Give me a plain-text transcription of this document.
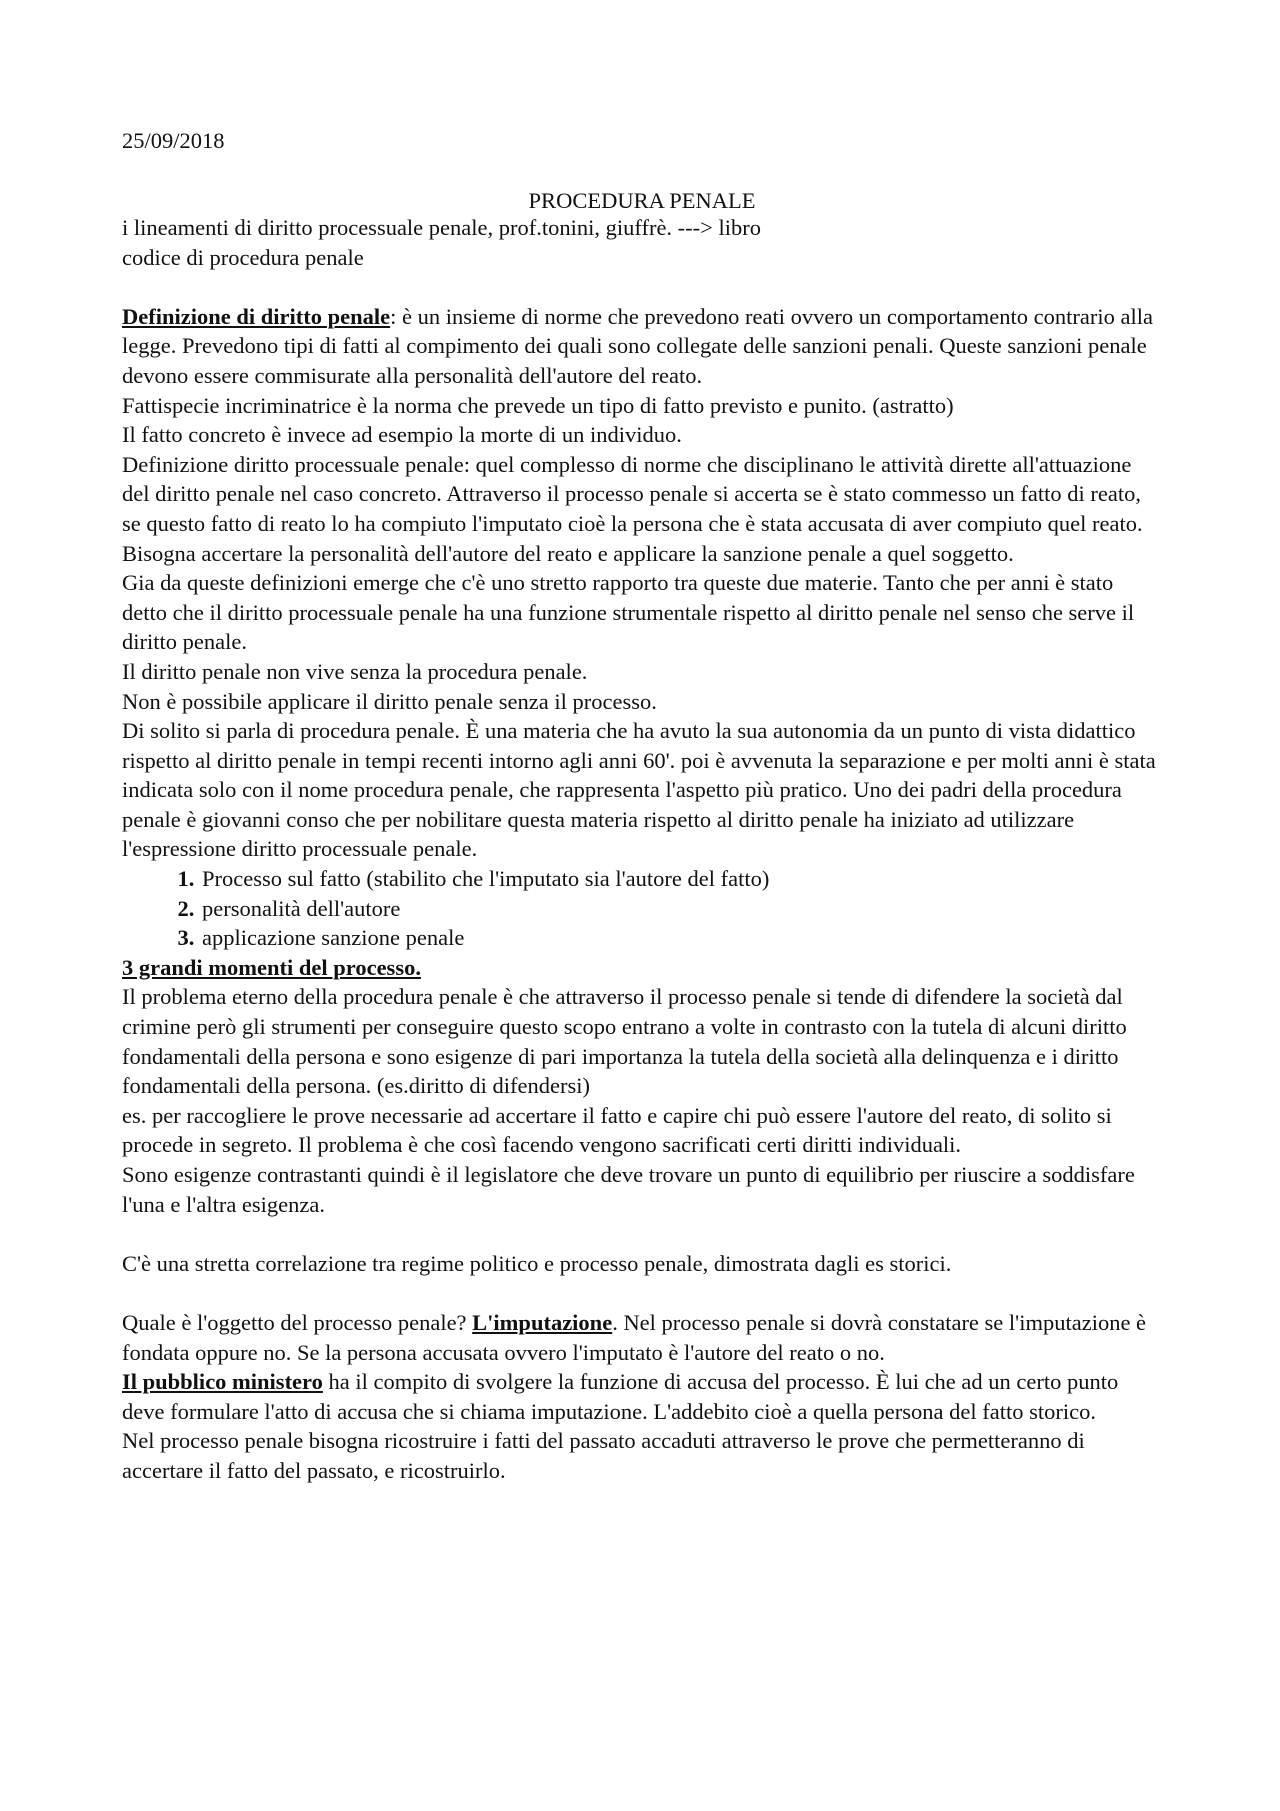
25/09/2018
PROCEDURA PENALE

i lineamenti di diritto processuale penale, prof.tonini, giuffrè. ---> libro

codice di procedura penale

Definizione di diritto penale: è un insieme di norme che prevedono reati ovvero un comportamento contrario alla legge. Prevedono tipi di fatti al compimento dei quali sono collegate delle sanzioni penali. Queste sanzioni penale devono essere commisurate alla personalità dell'autore del reato.

Fattispecie incriminatrice è la norma che prevede un tipo di fatto previsto e punito. (astratto)

Il fatto concreto è invece ad esempio la morte di un individuo.

Definizione diritto processuale penale: quel complesso di norme che disciplinano le attività dirette all'attuazione del diritto penale nel caso concreto. Attraverso il processo penale si accerta se è stato commesso un fatto di reato, se questo fatto di reato lo ha compiuto l'imputato cioè la persona che è stata accusata di aver compiuto quel reato.

Bisogna accertare la personalità dell'autore del reato e applicare la sanzione penale a quel soggetto.

Gia da queste definizioni emerge che c'è uno stretto rapporto tra queste due materie. Tanto che per anni è stato detto che il diritto processuale penale ha una funzione strumentale rispetto al diritto penale nel senso che serve il diritto penale.

Il diritto penale non vive senza la procedura penale.

Non è possibile applicare il diritto penale senza il processo.

Di solito si parla di procedura penale. È una materia che ha avuto la sua autonomia da un punto di vista didattico rispetto al diritto penale in tempi recenti intorno agli anni 60'. poi è avvenuta la separazione e per molti anni è stata indicata solo con il nome procedura penale, che rappresenta l'aspetto più pratico. Uno dei padri della procedura penale è giovanni conso che per nobilitare questa materia rispetto al diritto penale ha iniziato ad utilizzare l'espressione diritto processuale penale.

1. Processo sul fatto (stabilito che l'imputato sia l'autore del fatto)
2. personalità dell'autore
3. applicazione sanzione penale

3 grandi momenti del processo.

Il problema eterno della procedura penale è che attraverso il processo penale si tende di difendere la società dal crimine però gli strumenti per conseguire questo scopo entrano a volte in contrasto con la tutela di alcuni diritto fondamentali della persona e sono esigenze di pari importanza la tutela della società alla delinquenza e i diritto fondamentali della persona. (es.diritto di difendersi)

es. per raccogliere le prove necessarie ad accertare il fatto e capire chi può essere l'autore del reato, di solito si procede in segreto. Il problema è che così facendo vengono sacrificati certi diritti individuali.

Sono esigenze contrastanti quindi è il legislatore che deve trovare un punto di equilibrio per riuscire a soddisfare l'una e l'altra esigenza.

C'è una stretta correlazione tra regime politico e processo penale, dimostrata dagli es storici.

Quale è l'oggetto del processo penale? L'imputazione. Nel processo penale si dovrà constatare se l'imputazione è fondata oppure no. Se la persona accusata ovvero l'imputato è l'autore del reato o no.

Il pubblico ministero ha il compito di svolgere la funzione di accusa del processo. È lui che ad un certo punto deve formulare l'atto di accusa che si chiama imputazione. L'addebito cioè a quella persona del fatto storico.

Nel processo penale bisogna ricostruire i fatti del passato accaduti attraverso le prove che permetteranno di accertare il fatto del passato, e ricostruirlo.
